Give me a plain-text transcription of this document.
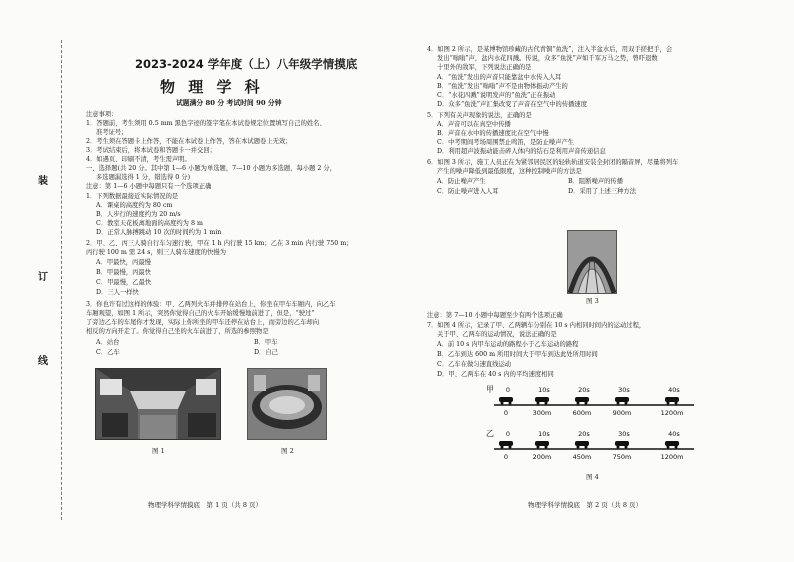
装
订
线
2023-2024 学年度（上）八年级学情摸底
物 理 学 科
试题满分 80 分 考试时间 90 分钟
注意事项：
1．答题前，考生须用 0.5 mm 黑色字迹的签字笔在本试卷规定位置填写自己的姓名、
准考证号；
2．考生须在答题卡上作答，不能在本试卷上作答，答在本试题卷上无效；
3．考试结束后，将本试卷和答题卡一并交回；
4．如遇页、印刷不清，考生需声明。
一、选择题(共 20 分。其中第 1—6 小题为单选题，7—10 小题为多选题，每小题 2 分，
多选题漏选得 1 分，错选得 0 分)
注意：第 1—6 小题中每题只有一个选项正确
1．下列数据最接近实际情况的是
A．课桌的高度约为 80 cm
B．人步行的速度约为 20 m/s
C．教室天花板离地面的高度约为 8 m
D．正常人脉搏跳动 10 次的时间约为 1 min
2．甲、乙、丙三人骑自行车匀速行驶，甲在 1 h 内行驶 15 km；乙在 3 min 内行驶 750 m；
丙行驶 100 m 需 24 s，则三人骑车速度的快慢为
A．甲最快，丙最慢
B．甲最慢，丙最快
C．甲最慢，乙最快
D．三人一样快
3．你也许有过这样的体验：甲、乙两列火车并排停在站台上，你坐在甲车车厢内，向乙车
车厢观望，如图 1 所示，突然你觉得自己的火车开始缓慢地前进了，但是，“驶过”
了旁边乙车的车尾你才发现，实际上你所坐的甲车还停在站台上，而旁边的乙车却向
相反的方向开走了。你觉得自己坐的火车前进了，所选的参照物是
A．站台	B．甲车
C．乙车	D．自己
图 1	图 2
物理学科学情摸底　第 1 页（共 8 页）
4．如图 2 所示，是某博物馆珍藏的古代青铜“鱼洗”，注入半盆水后，用双手搓把手，会
发出“嗡嗡”声，盆内水花四溅。传说，众多“鱼洗”声如千军万马之势，曾吓退数
十里外的敌军，下列说法正确的是
A．“鱼洗”发出的声音只能靠盆中水传入人耳
B．“鱼洗”发出“嗡嗡”声不是由物体振动产生的
C．“水花四溅”说明发声的“鱼洗”正在振动
D．众多“鱼洗”声汇集改变了声音在空气中的传播速度
5．下列有关声现象的说法，正确的是
A．声音可以在真空中传播
B．声音在水中的传播速度比在空气中慢
C．中考期间考场周围禁止鸣笛，是防止噪声产生
D．利用超声波振动能击碎人体内的结石是利用声音传递信息
6．如图 3 所示，施工人员正在为紧邻居民区的轻轨轨道安装全封闭的隔音屏，尽量将列车
产生的噪声降低到最低限度，这种控制噪声的方法是
A．防止噪声产生	B．阻断噪声的传播
C．防止噪声进入人耳	D．采用了上述三种方法
图 3
注意：第 7—10 小题中每题至少有两个选项正确
7．如图 4 所示，记录了甲、乙两辆车分别在 10 s 内相同时间内的运动过程，
关于甲、乙两车的运动情况，说法正确的是
A．前 10 s 内甲车运动的路程小于乙车运动的路程
B．乙车到达 600 m 所用时间大于甲车到达此处所用时间
C．乙车在做匀速直线运动
D．甲、乙两车在 40 s 内的平均速度相同
甲 0	10s	20s	30s	40s
0	300m	600m	900m	1200m
乙 0	10s	20s	30s	40s
0	200m	450m	750m	1200m
图 4
物理学科学情摸底　第 2 页（共 8 页）
